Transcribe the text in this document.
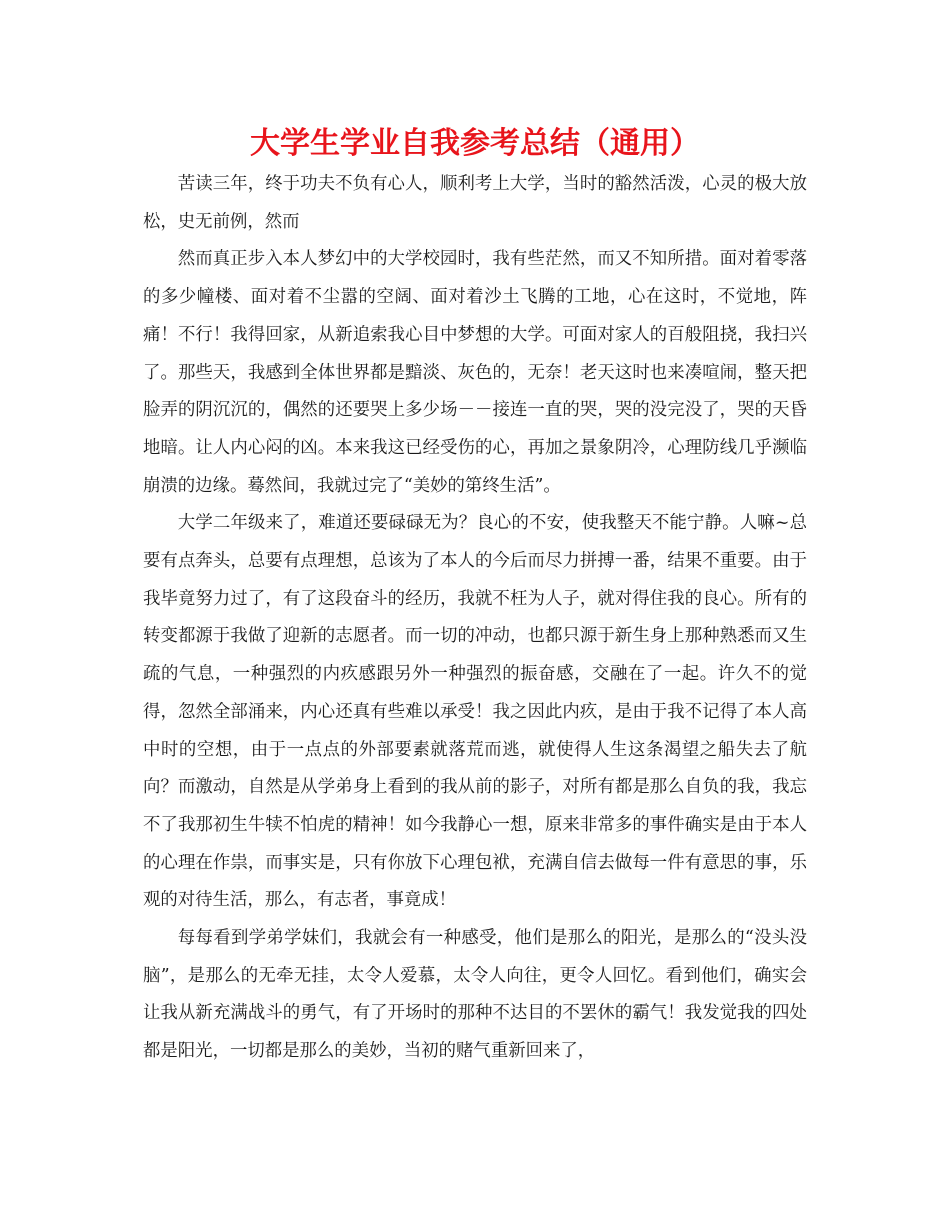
大学生学业自我参考总结（通用）

苦读三年，终于功夫不负有心人，顺利考上大学，当时的豁然活泼，心灵的极大放松，史无前例，然而

然而真正步入本人梦幻中的大学校园时，我有些茫然，而又不知所措。面对着零落的多少幢楼、面对着不尘嚣的空阔、面对着沙土飞腾的工地，心在这时，不觉地，阵痛！不行！我得回家，从新追索我心目中梦想的大学。可面对家人的百般阻挠，我扫兴了。那些天，我感到全体世界都是黯淡、灰色的，无奈！老天这时也来凑喧闹，整天把脸弄的阴沉沉的，偶然的还要哭上多少场－－接连一直的哭，哭的没完没了，哭的天昏地暗。让人内心闷的凶。本来我这已经受伤的心，再加之景象阴冷，心理防线几乎濒临崩溃的边缘。蓦然间，我就过完了“美妙的第终生活”。

大学二年级来了，难道还要碌碌无为？良心的不安，使我整天不能宁静。人嘛~总要有点奔头，总要有点理想，总该为了本人的今后而尽力拼搏一番，结果不重要。由于我毕竟努力过了，有了这段奋斗的经历，我就不枉为人子，就对得住我的良心。所有的转变都源于我做了迎新的志愿者。而一切的冲动，也都只源于新生身上那种熟悉而又生疏的气息，一种强烈的内疚感跟另外一种强烈的振奋感，交融在了一起。许久不的觉得，忽然全部涌来，内心还真有些难以承受！我之因此内疚，是由于我不记得了本人高中时的空想，由于一点点的外部要素就落荒而逃，就使得人生这条渴望之船失去了航向？而激动，自然是从学弟身上看到的我从前的影子，对所有都是那么自负的我，我忘不了我那初生牛犊不怕虎的精神！如今我静心一想，原来非常多的事件确实是由于本人的心理在作祟，而事实是，只有你放下心理包袱，充满自信去做每一件有意思的事，乐观的对待生活，那么，有志者，事竟成！

每每看到学弟学妹们，我就会有一种感受，他们是那么的阳光，是那么的“没头没脑”，是那么的无牵无挂，太令人爱慕，太令人向往，更令人回忆。看到他们，确实会让我从新充满战斗的勇气，有了开场时的那种不达目的不罢休的霸气！我发觉我的四处都是阳光，一切都是那么的美妙，当初的赌气重新回来了，
